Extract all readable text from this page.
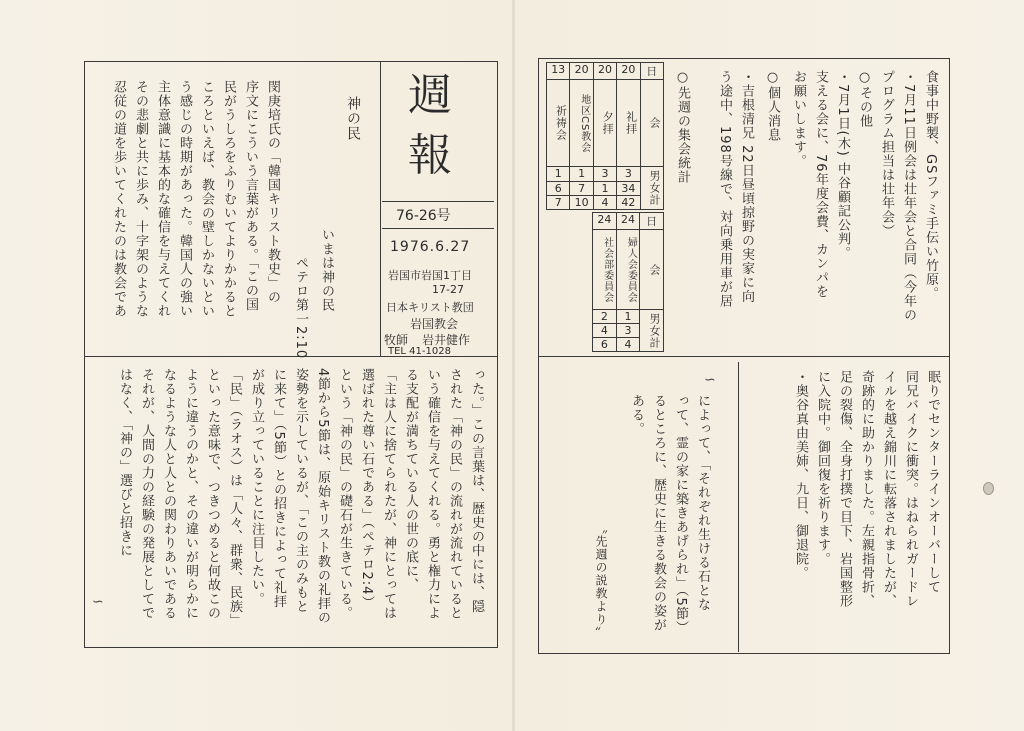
週
報
76-26号
1976.6.27
岩国市岩国1丁目
17-27
日本キリスト教団
岩国教会
牧師 岩井健作
TEL 41-1028
神の民
いまは神の民
ペテロ第一2:10
閔庚培氏の「韓国キリスト教史」の
序文にこういう言葉がある。「この国
民がうしろをふりむいてよりかかると
ころといえば、教会の壁しかないとい
う感じの時期があった。韓国人の強い
主体意識に基本的な確信を与えてくれ
その悲劇と共に歩み、十字架のような
忍従の道を歩いてくれたのは教会であ
った。」この言葉は、歴史の中には、隠
された「神の民」の流れが流れていると
いう確信を与えてくれる。勇と権力によ
る支配が満ちている人の世の底に、
「主は人に捨てられたが、神にとっては
選ばれた尊い石である」（ペテロ2:4）
という「神の民」の礎石が生きている。
4節から5節は、原始キリスト教の礼拝の
姿勢を示しているが、「この主のみもと
に来て」（5節）との招きによって礼拝
が成り立っていることに注目したい。
「民」（ラオス）は「人々、群衆、民族」
といった意味で、つきつめると何故この
ように違うのかと、その違いが明らかに
なるような人と人との関わりあいである
それが、人間の力の経験の発展としてで
はなく、「神の」選びと招きに
∽
食事中野製、GSファミ手伝い竹原。
・7月11日例会は壮年会と合同（今年の
プログラム担当は壮年会）
○その他
・7月1日(木) 中谷顧記公判。
支える会に、76年度会費、カンパを
お願いします。
○個人消息
・吉根清兄 22日昼頃掠野の実家に向
う途中、198号線で、対向乗用車が居
○先週の集会統計
13	20	20	20	日
祈祷会	地区CS教会	夕拝	礼拝	会
1	1	3	3	男女計
6	7	1	34	
7	10	4	42	
24	24	日
社会部委員会	婦人会委員会	会
2	1	男女計
4	3	
6	4	
眠りでセンターラインオーバーして
同兄バイクに衝突。はねられガードレ
イルを越え錦川に転落されましたが、
奇跡的に助かりました。左親指骨折、
足の裂傷、全身打撲で目下、岩国整形
に入院中。御回復を祈ります。
・奥谷真由美姉、九日、御退院。
∽
によって、「それぞれ生ける石とな
って、霊の家に築きあげられ」（5節）
るところに、歴史に生きる教会の姿が
ある。
〝先週の説教より〟
